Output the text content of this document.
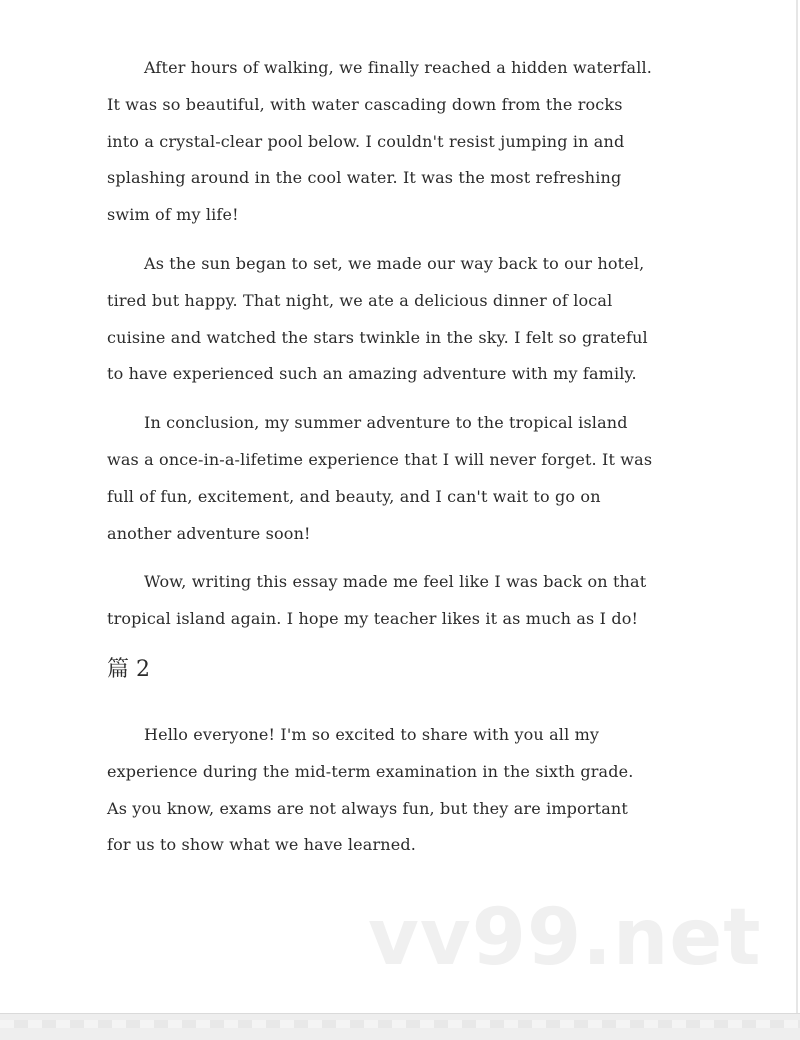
After hours of walking, we finally reached a hidden waterfall.
It was so beautiful, with water cascading down from the rocks
into a crystal-clear pool below. I couldn't resist jumping in and
splashing around in the cool water. It was the most refreshing
swim of my life!
As the sun began to set, we made our way back to our hotel,
tired but happy. That night, we ate a delicious dinner of local
cuisine and watched the stars twinkle in the sky. I felt so grateful
to have experienced such an amazing adventure with my family.
In conclusion, my summer adventure to the tropical island
was a once-in-a-lifetime experience that I will never forget. It was
full of fun, excitement, and beauty, and I can't wait to go on
another adventure soon!
Wow, writing this essay made me feel like I was back on that
tropical island again. I hope my teacher likes it as much as I do!
篇 2
Hello everyone! I'm so excited to share with you all my
experience during the mid-term examination in the sixth grade.
As you know, exams are not always fun, but they are important
for us to show what we have learned.
vv99.net
